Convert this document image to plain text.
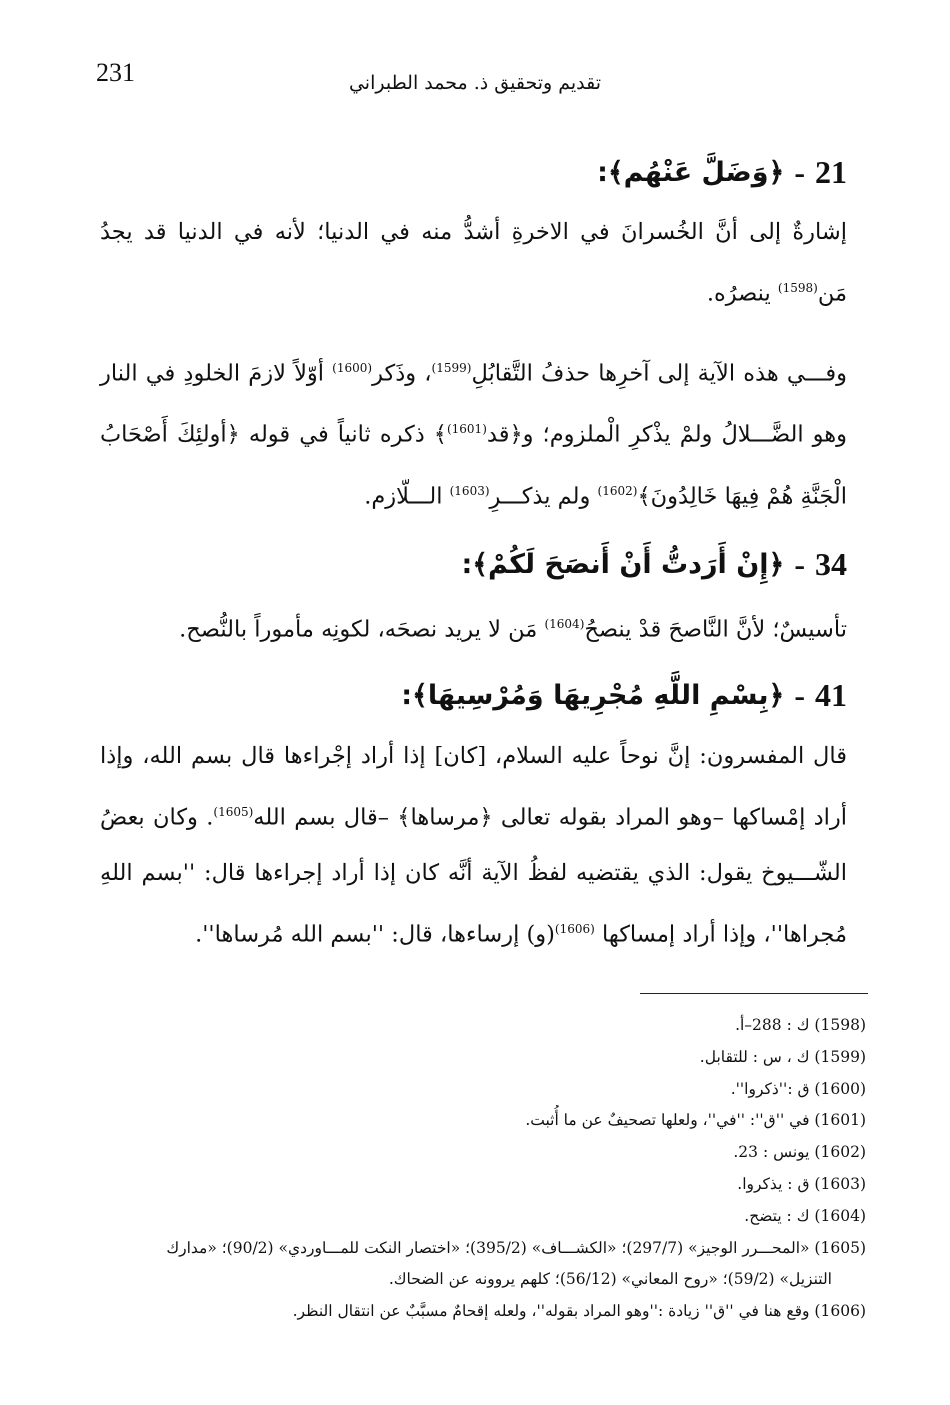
231	تقديم وتحقيق ذ. محمد الطبراني
21
-
﴿وَضَلَّ عَنْهُم﴾:

إشارةٌ إلى أنَّ الخُسرانَ في الاخرةِ أشدُّ منه في الدنيا؛ لأنه في الدنيا قد يجدُ مَن$^{(1598)}$ ينصرُه.

وفـــي هذه الآية إلى آخرِها حذفُ التَّقابُلِ$^{(1599)}$، وذَكر$^{(1600)}$ أوّلاً لازمَ الخلودِ في النار وهو الضَّـــلالُ ولمْ يذْكرِ الْملزوم؛ و﴿قد$^{(1601)}$﴾ ذكره ثانياً في قوله ﴿أولئِكَ أَصْحَابُ الْجَنَّةِ هُمْ فِيهَا خَالِدُونَ﴾$^{(1602)}$ ولم يذكـــرِ$^{(1603)}$ الـــلّازم.

34
-
﴿إِنْ أَرَدتُّ أَنْ أَنصَحَ لَكُمْ﴾:

تأسيسٌ؛ لأنَّ النَّاصحَ قدْ ينصحُ$^{(1604)}$ مَن لا يريد نصحَه، لكونِه مأموراً بالنُّصح.

41
-
﴿بِسْمِ اللَّهِ مُجْرِيهَا وَمُرْسِيهَا﴾:

قال المفسرون: إنَّ نوحاً عليه السلام، [كان] إذا أراد إجْراءها قال بسم الله، وإذا أراد إمْساكها –وهو المراد بقوله تعالى ﴿مرساها﴾ –قال بسم الله$^{(1605)}$. وكان بعضُ الشّـــيوخ يقول: الذي يقتضيه لفظُ الآية أنَّه كان إذا أراد إجراءها قال: ''بسم اللهِ مُجراها''، وإذا أراد إمساكها $^{(1606)}$(و) إرساءها، قال: ''بسم الله مُرساها''.

(1598) ك : 288–أ.
(1599) ك ، س : للتقابل.
(1600) ق :''ذكروا''.
(1601) في ''ق'': ''في''، ولعلها تصحيفٌ عن ما أُثبت.
(1602) يونس : 23.
(1603) ق : يذكروا.
(1604) ك : يتضح.
(1605) «المحـــرر الوجيز» (297/7)؛ «الكشـــاف» (395/2)؛ «اختصار النكت للمـــاوردي» (90/2)؛ «مدارك
التنزيل» (59/2)؛ «روح المعاني» (56/12)؛ كلهم يروونه عن الضحاك.
(1606) وقع هنا في ''ق'' زيادة :''وهو المراد بقوله''، ولعله إقحامٌ مسبَّبٌ عن انتقال النظر.
